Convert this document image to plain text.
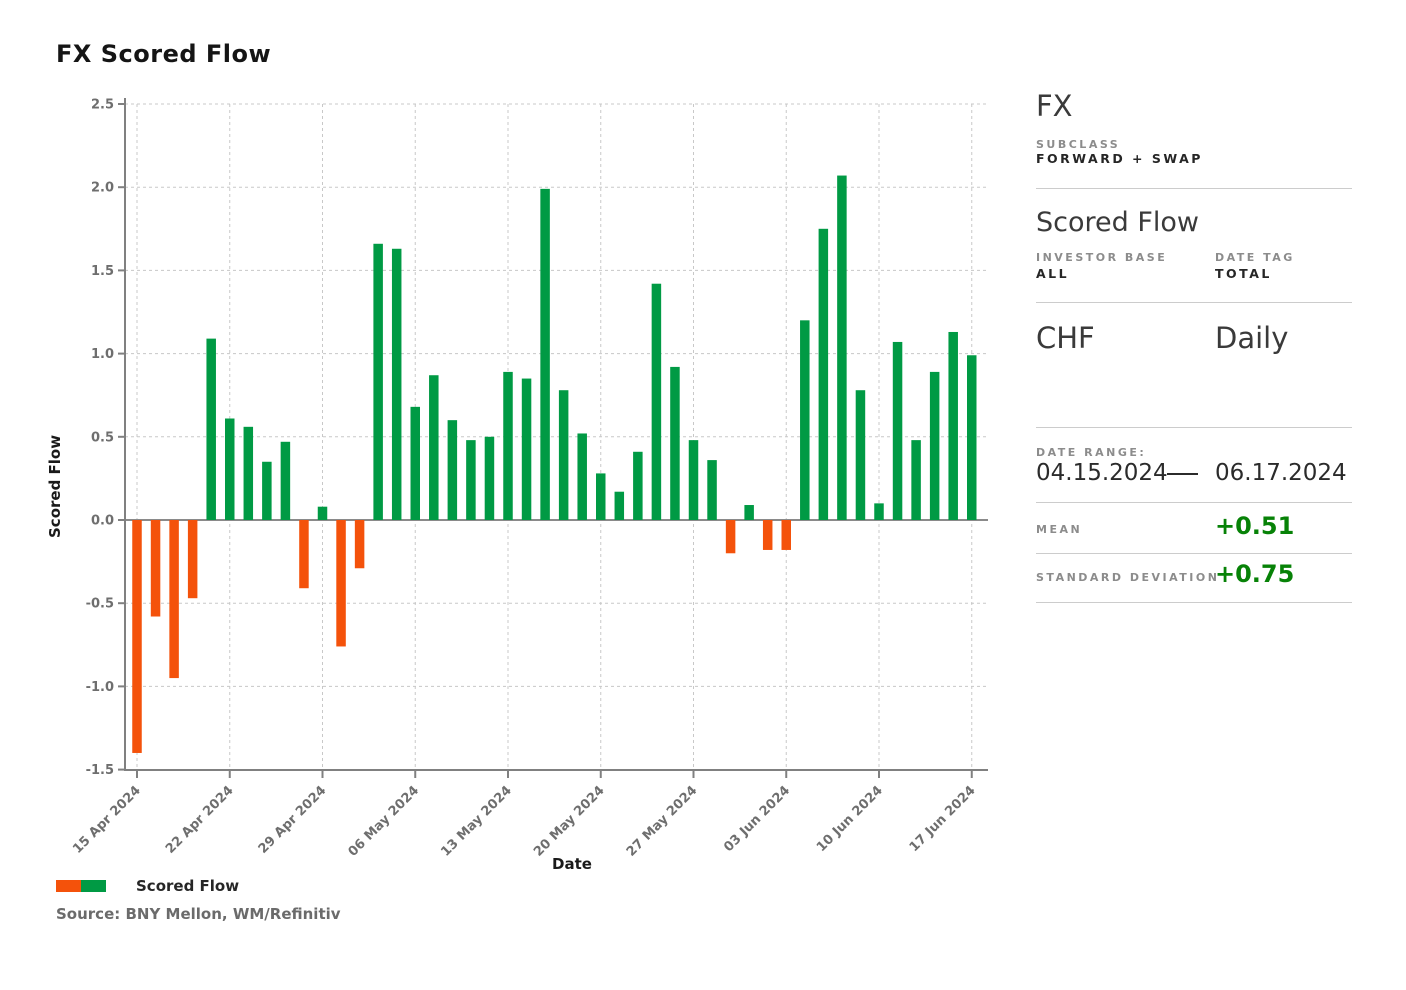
FX Scored Flow
-1.5
-1.0
-0.5
0.0
0.5
1.0
1.5
2.0
2.5
15 Apr 2024 22 Apr 2024 29 Apr 2024 06 May 2024 13 May 2024 20 May 2024 27 May 2024 03 Jun 2024 10 Jun 2024 17 Jun 2024
Scored Flow
Date
Scored Flow
Source: BNY Mellon, WM/Refinitiv
FX
SUBCLASS
FORWARD + SWAP
Scored Flow
INVESTOR BASE
ALL
DATE TAG
TOTAL
CHF	Daily
DATE RANGE:
04.15.2024 06.17.2024
MEAN	+0.51
STANDARD DEVIATION
+0.75
